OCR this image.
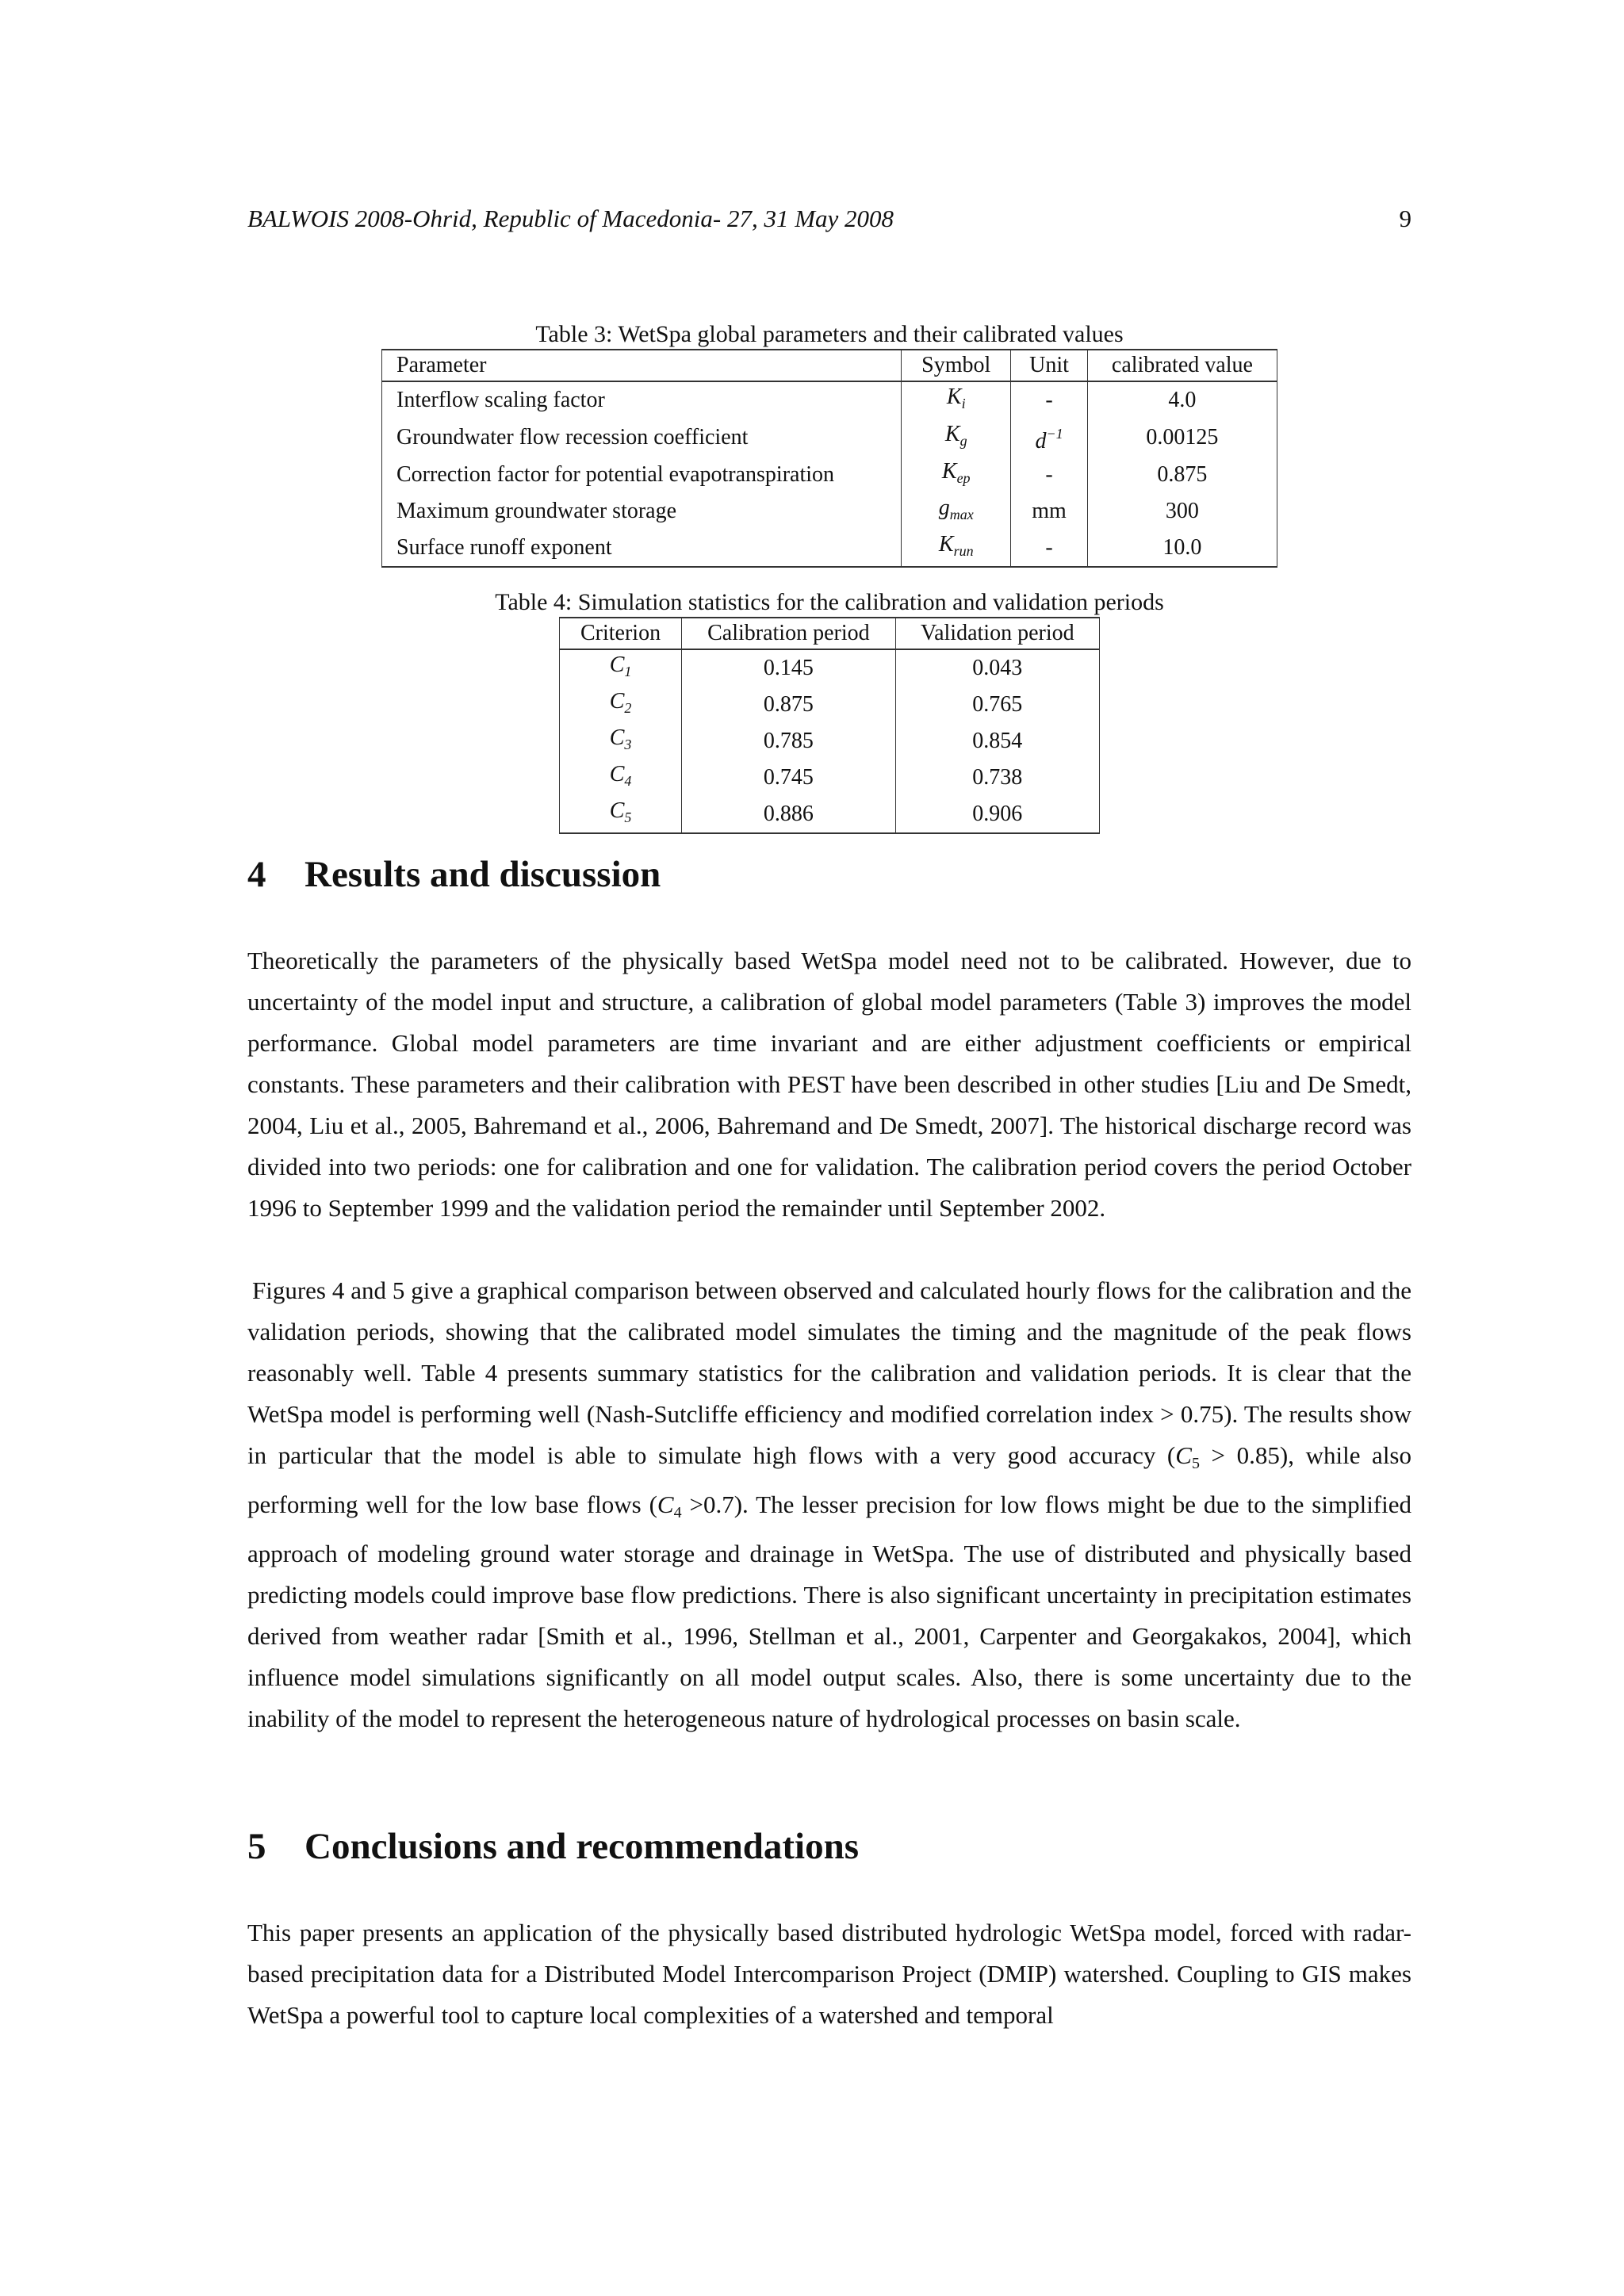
BALWOIS 2008-Ohrid, Republic of Macedonia- 27, 31 May 2008	9
Table 3: WetSpa global parameters and their calibrated values
Parameter	Symbol	Unit	calibrated value
Interflow scaling factor	$K_i$	-	4.0
Groundwater flow recession coefficient	$K_g$	$d^{-1}$	0.00125
Correction factor for potential evapotranspiration	$K_{ep}$	-	0.875
Maximum groundwater storage	$g_{max}$	mm	300
Surface runoff exponent	$K_{run}$	-	10.0
Table 4: Simulation statistics for the calibration and validation periods
Criterion	Calibration period	Validation period
$C_1$	0.145	0.043
$C_2$	0.875	0.765
$C_3$	0.785	0.854
$C_4$	0.745	0.738
$C_5$	0.886	0.906
4 Results and discussion

Theoretically the parameters of the physically based WetSpa model need not to be calibrated. However, due to uncertainty of the model input and structure, a calibration of global model parameters (Table 3) improves the model performance. Global model parameters are time invariant and are either adjustment coefficients or empirical constants. These parameters and their calibration with PEST have been described in other studies [Liu and De Smedt, 2004, Liu et al., 2005, Bahremand et al., 2006, Bahremand and De Smedt, 2007]. The historical discharge record was divided into two periods: one for calibration and one for validation. The calibration period covers the period October 1996 to September 1999 and the validation period the remainder until September 2002.

Figures 4 and 5 give a graphical comparison between observed and calculated hourly flows for the calibration and the validation periods, showing that the calibrated model simulates the timing and the magnitude of the peak flows reasonably well. Table 4 presents summary statistics for the calibration and validation periods. It is clear that the WetSpa model is performing well (Nash-Sutcliffe efficiency and modified correlation index > 0.75). The results show in particular that the model is able to simulate high flows with a very good accuracy $(C_5 > 0.85)$, while also performing well for the low base flows $(C_4 >0.7)$. The lesser precision for low flows might be due to the simplified approach of modeling ground water storage and drainage in WetSpa. The use of distributed and physically based predicting models could improve base flow predictions. There is also significant uncertainty in precipitation estimates derived from weather radar [Smith et al., 1996, Stellman et al., 2001, Carpenter and Georgakakos, 2004], which influence model simulations significantly on all model output scales. Also, there is some uncertainty due to the inability of the model to represent the heterogeneous nature of hydrological processes on basin scale.

5 Conclusions and recommendations

This paper presents an application of the physically based distributed hydrologic WetSpa model, forced with radar-based precipitation data for a Distributed Model Intercomparison Project (DMIP) watershed. Coupling to GIS makes WetSpa a powerful tool to capture local complexities of a watershed and temporal
